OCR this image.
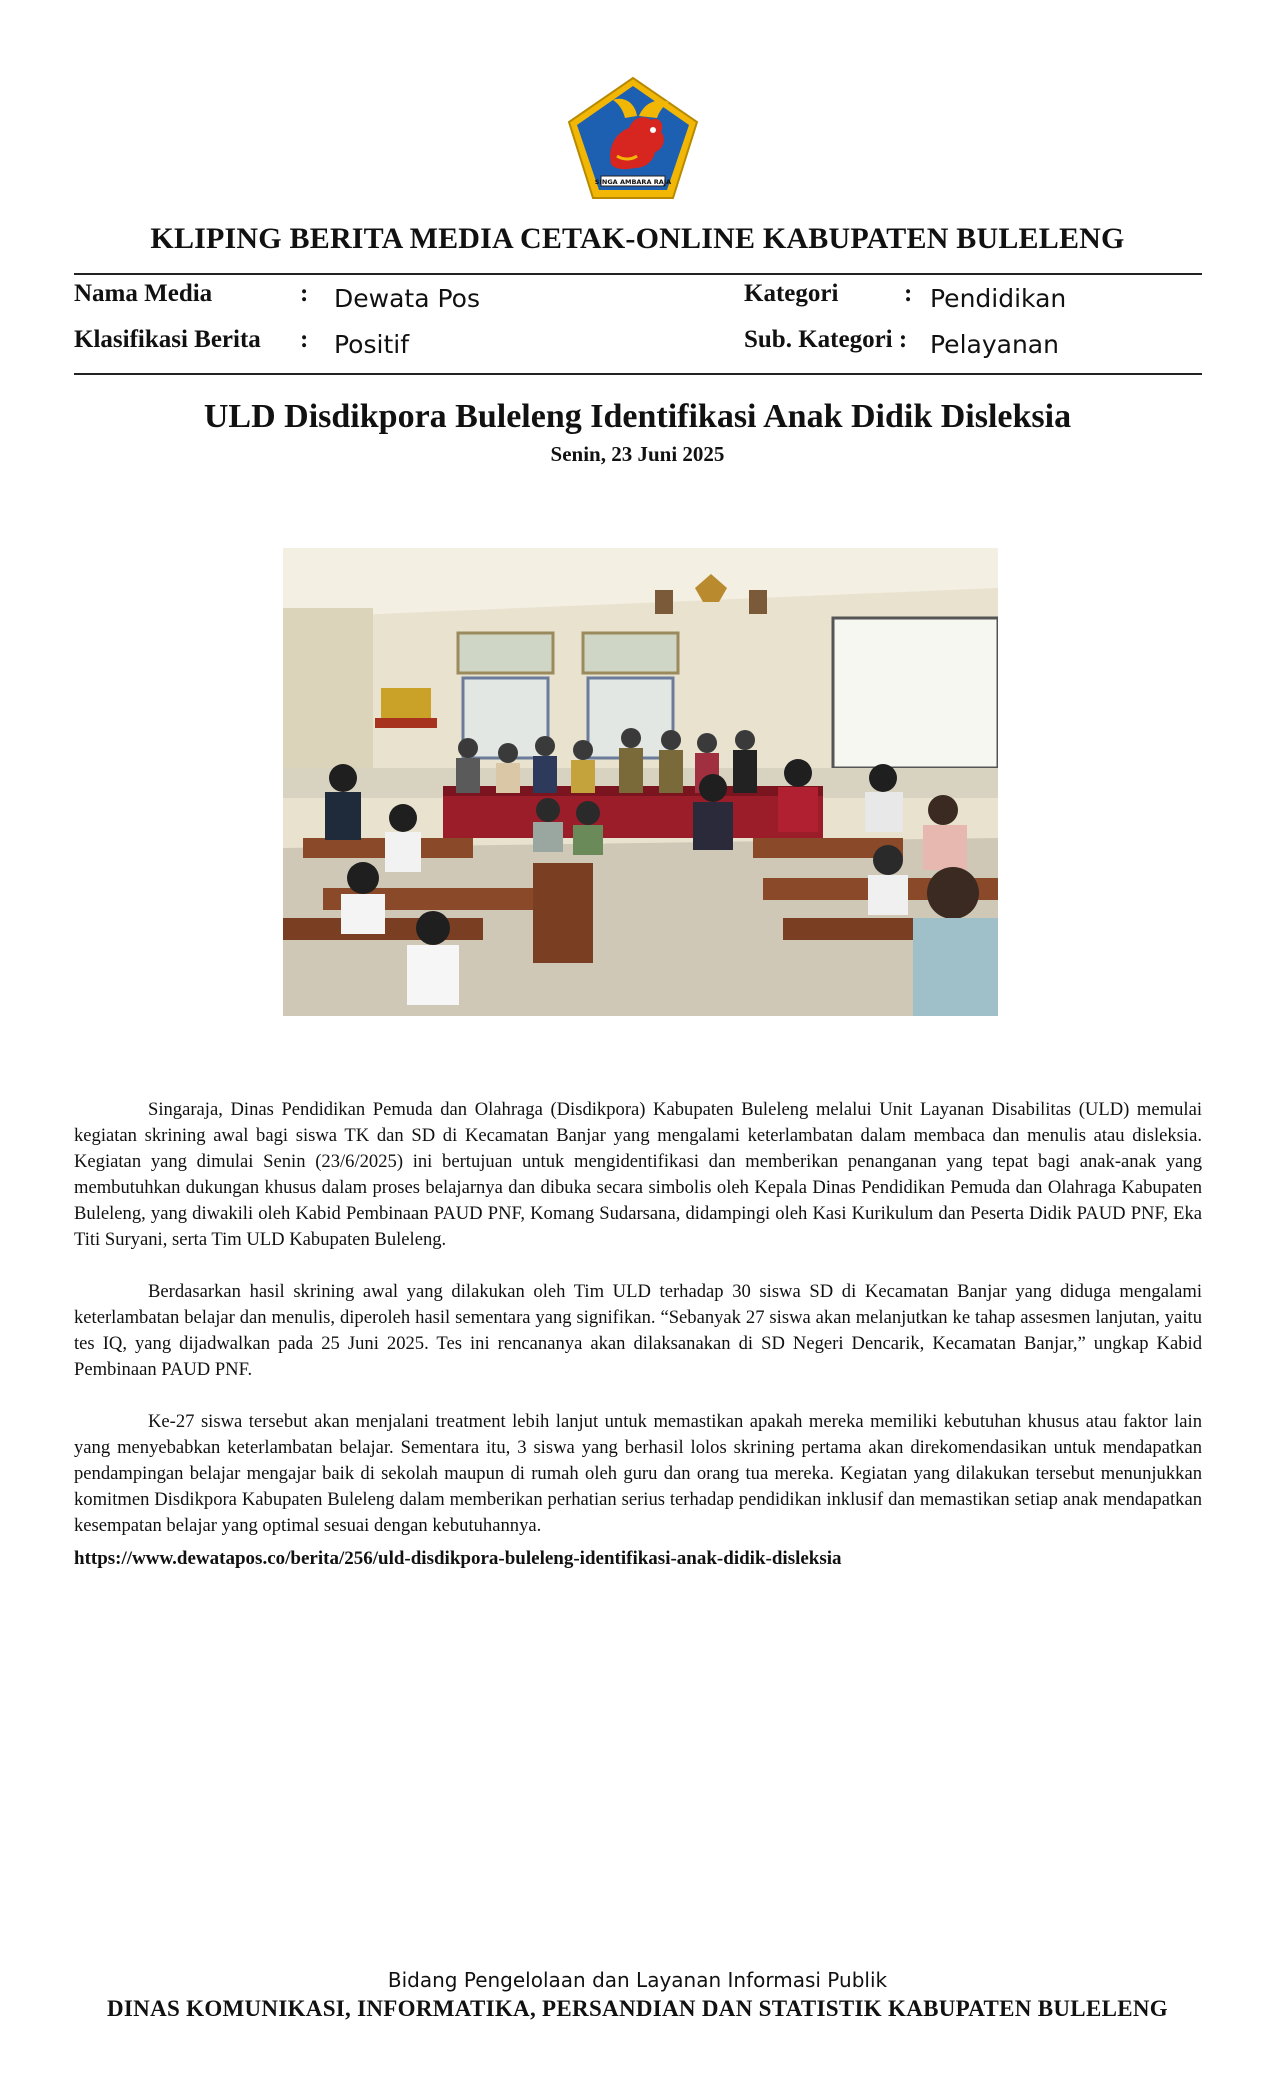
SINGA AMBARA RAJA
KLIPING BERITA MEDIA CETAK-ONLINE KABUPATEN BULELENG
Nama Media	: Dewata Pos	Kategori	: Pendidikan
Klasifikasi Berita : Positif	Sub. Kategori : Pelayanan
ULD Disdikpora Buleleng Identifikasi Anak Didik Disleksia
Senin, 23 Juni 2025

Singaraja, Dinas Pendidikan Pemuda dan Olahraga (Disdikpora) Kabupaten Buleleng melalui Unit Layanan Disabilitas (ULD) memulai kegiatan skrining awal bagi siswa TK dan SD di Kecamatan Banjar yang mengalami keterlambatan dalam membaca dan menulis atau disleksia. Kegiatan yang dimulai Senin (23/6/2025) ini bertujuan untuk mengidentifikasi dan memberikan penanganan yang tepat bagi anak-anak yang membutuhkan dukungan khusus dalam proses belajarnya dan dibuka secara simbolis oleh Kepala Dinas Pendidikan Pemuda dan Olahraga Kabupaten Buleleng, yang diwakili oleh Kabid Pembinaan PAUD PNF, Komang Sudarsana, didampingi oleh Kasi Kurikulum dan Peserta Didik PAUD PNF, Eka Titi Suryani, serta Tim ULD Kabupaten Buleleng.

Berdasarkan hasil skrining awal yang dilakukan oleh Tim ULD terhadap 30 siswa SD di Kecamatan Banjar yang diduga mengalami keterlambatan belajar dan menulis, diperoleh hasil sementara yang signifikan. “Sebanyak 27 siswa akan melanjutkan ke tahap assesmen lanjutan, yaitu tes IQ, yang dijadwalkan pada 25 Juni 2025. Tes ini rencananya akan dilaksanakan di SD Negeri Dencarik, Kecamatan Banjar,” ungkap Kabid Pembinaan PAUD PNF.

Ke-27 siswa tersebut akan menjalani treatment lebih lanjut untuk memastikan apakah mereka memiliki kebutuhan khusus atau faktor lain yang menyebabkan keterlambatan belajar. Sementara itu, 3 siswa yang berhasil lolos skrining pertama akan direkomendasikan untuk mendapatkan pendampingan belajar mengajar baik di sekolah maupun di rumah oleh guru dan orang tua mereka. Kegiatan yang dilakukan tersebut menunjukkan komitmen Disdikpora Kabupaten Buleleng dalam memberikan perhatian serius terhadap pendidikan inklusif dan memastikan setiap anak mendapatkan kesempatan belajar yang optimal sesuai dengan kebutuhannya.

https://www.dewatapos.co/berita/256/uld-disdikpora-buleleng-identifikasi-anak-didik-disleksia
Bidang Pengelolaan dan Layanan Informasi Publik
DINAS KOMUNIKASI, INFORMATIKA, PERSANDIAN DAN STATISTIK KABUPATEN BULELENG
